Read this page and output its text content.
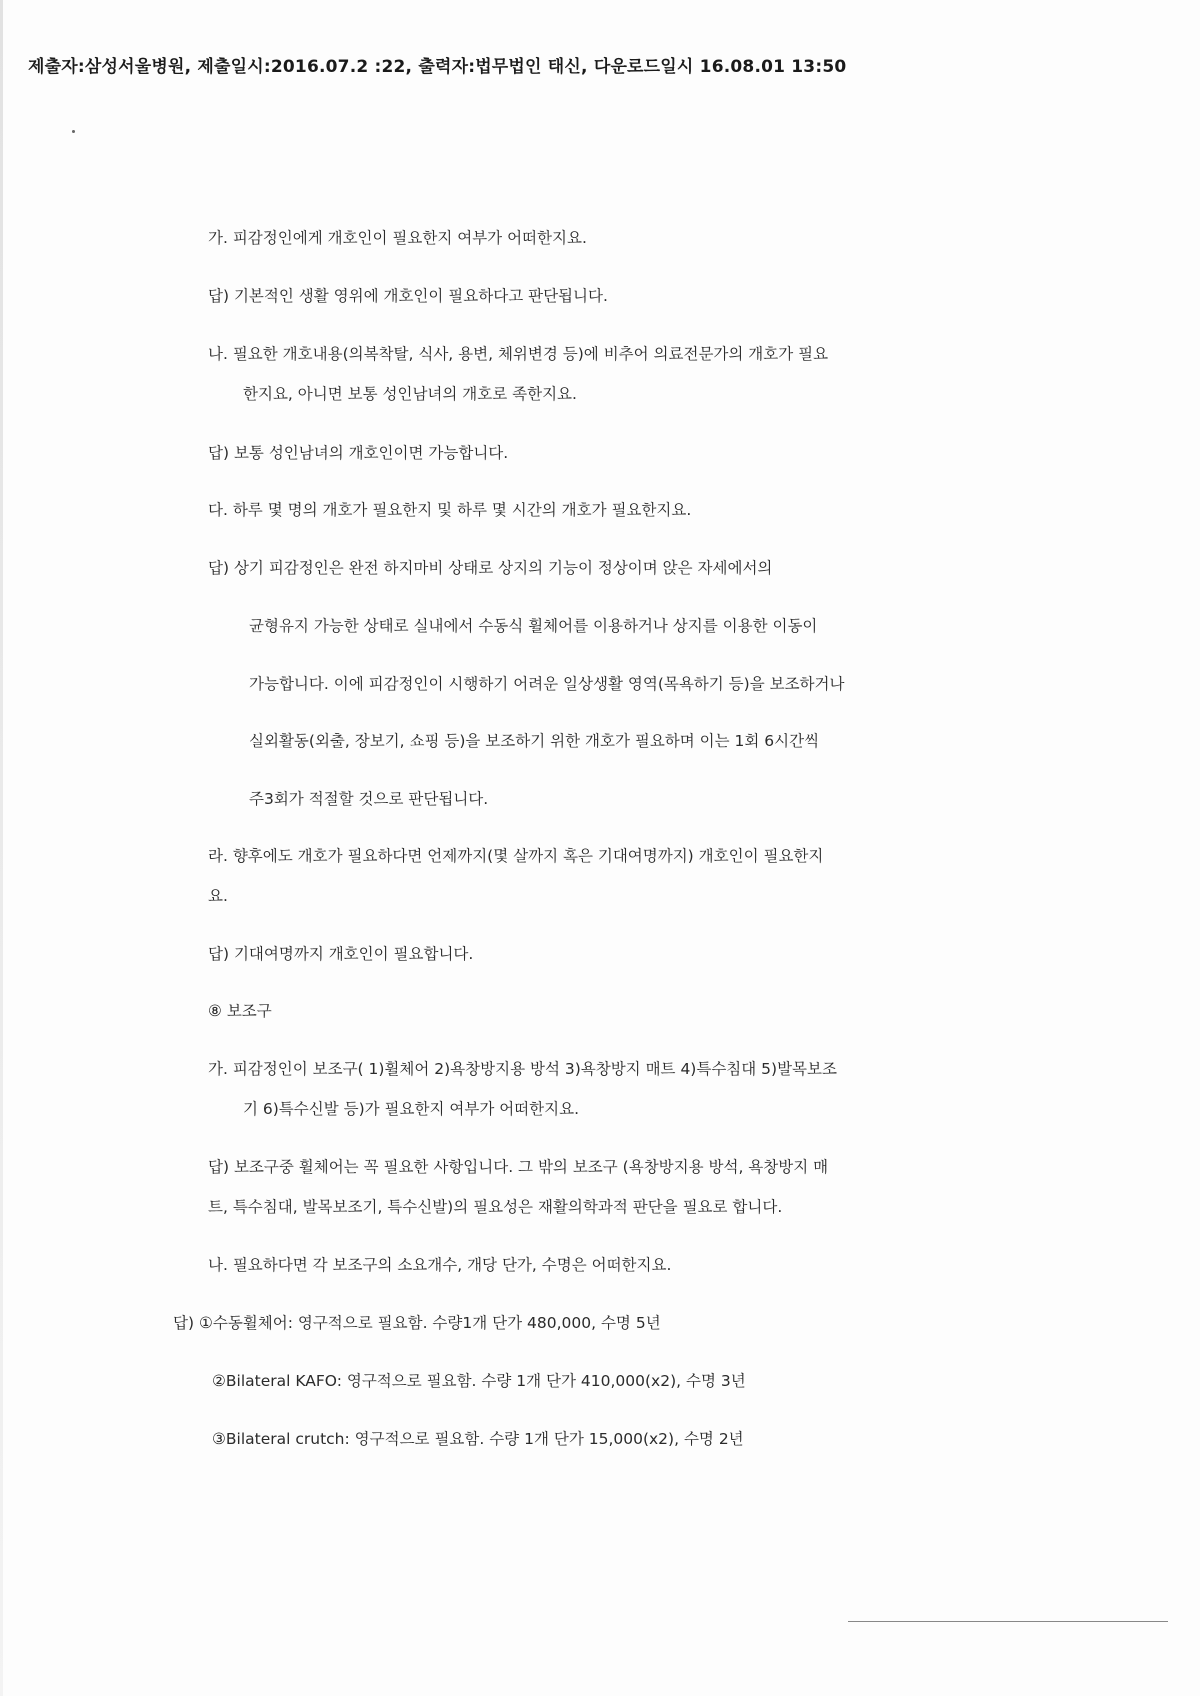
제출자:삼성서울병원, 제출일시:2016.07.2 :22, 출력자:법무법인 태신, 다운로드일시 16.08.01 13:50
가. 피감정인에게 개호인이 필요한지 여부가 어떠한지요.
답) 기본적인 생활 영위에 개호인이 필요하다고 판단됩니다.
나. 필요한 개호내용(의복착탈, 식사, 용변, 체위변경 등)에 비추어 의료전문가의 개호가 필요
한지요, 아니면 보통 성인남녀의 개호로 족한지요.
답) 보통 성인남녀의 개호인이면 가능합니다.
다. 하루 몇 명의 개호가 필요한지 및 하루 몇 시간의 개호가 필요한지요.
답) 상기 피감정인은 완전 하지마비 상태로 상지의 기능이 정상이며 앉은 자세에서의
균형유지 가능한 상태로 실내에서 수동식 휠체어를 이용하거나 상지를 이용한 이동이
가능합니다. 이에 피감정인이 시행하기 어려운 일상생활 영역(목욕하기 등)을 보조하거나
실외활동(외출, 장보기, 쇼핑 등)을 보조하기 위한 개호가 필요하며 이는 1회 6시간씩
주3회가 적절할 것으로 판단됩니다.
라. 향후에도 개호가 필요하다면 언제까지(몇 살까지 혹은 기대여명까지) 개호인이 필요한지
요.
답) 기대여명까지 개호인이 필요합니다.
⑧ 보조구
가. 피감정인이 보조구( 1)휠체어 2)욕창방지용 방석 3)욕창방지 매트 4)특수침대 5)발목보조
기 6)특수신발 등)가 필요한지 여부가 어떠한지요.
답) 보조구중 휠체어는 꼭 필요한 사항입니다. 그 밖의 보조구 (욕창방지용 방석, 욕창방지 매
트, 특수침대, 발목보조기, 특수신발)의 필요성은 재활의학과적 판단을 필요로 합니다.
나. 필요하다면 각 보조구의 소요개수, 개당 단가, 수명은 어떠한지요.
답) ①수동휠체어: 영구적으로 필요함. 수량1개 단가 480,000, 수명 5년
②Bilateral KAFO: 영구적으로 필요함. 수량 1개 단가 410,000(x2), 수명 3년
③Bilateral crutch: 영구적으로 필요함. 수량 1개 단가 15,000(x2), 수명 2년
